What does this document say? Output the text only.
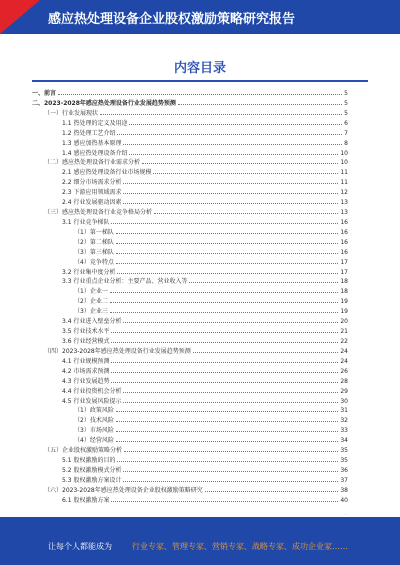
感应热处理设备企业股权激励策略研究报告
内容目录
一、前言	5
二、2023-2028年感应热处理设备行业发展趋势预测	5
（一）行业发展现状	5
1.1 热处理的定义及用途	6
1.2 热处理工艺介绍	7
1.3 感应加热基本原理	8
1.4 感应热处理设备介绍	10
（二）感应热处理设备行业需求分析	10
2.1 感应热处理设备行业市场规模	11
2.2 细分市场需求分析	11
2.3 下游应用领域需求	12
2.4 行业发展驱动因素	13
（三）感应热处理设备行业竞争格局分析	13
3.1 行业竞争梯队	16
（1）第一梯队	16
（2）第二梯队	16
（3）第三梯队	16
（4）竞争特点	17
3.2 行业集中度分析	17
3.3 行业重点企业分析：主要产品、营业收入等	18
（1）企业一	18
（2）企业二	19
（3）企业三	19
3.4 行业进入壁垒分析	20
3.5 行业技术水平	21
3.6 行业经营模式	22
（四）2023-2028年感应热处理设备行业发展趋势预测	24
4.1 行业规模预测	24
4.2 市场需求预测	26
4.3 行业发展趋势	28
4.4 行业投资机会分析	29
4.5 行业发展风险提示	30
（1）政策风险	31
（2）技术风险	32
（3）市场风险	33
（4）经营风险	34
（五）企业股权激励策略分析	35
5.1 股权激励的目的	35
5.2 股权激励模式分析	36
5.3 股权激励方案设计	37
（六）2023-2028年感应热处理设备企业股权激励策略研究	38
6.1 股权激励方案	40
·
让每个人都能成为	行业专家、管理专家、营销专家、战略专家、成功企业家……
